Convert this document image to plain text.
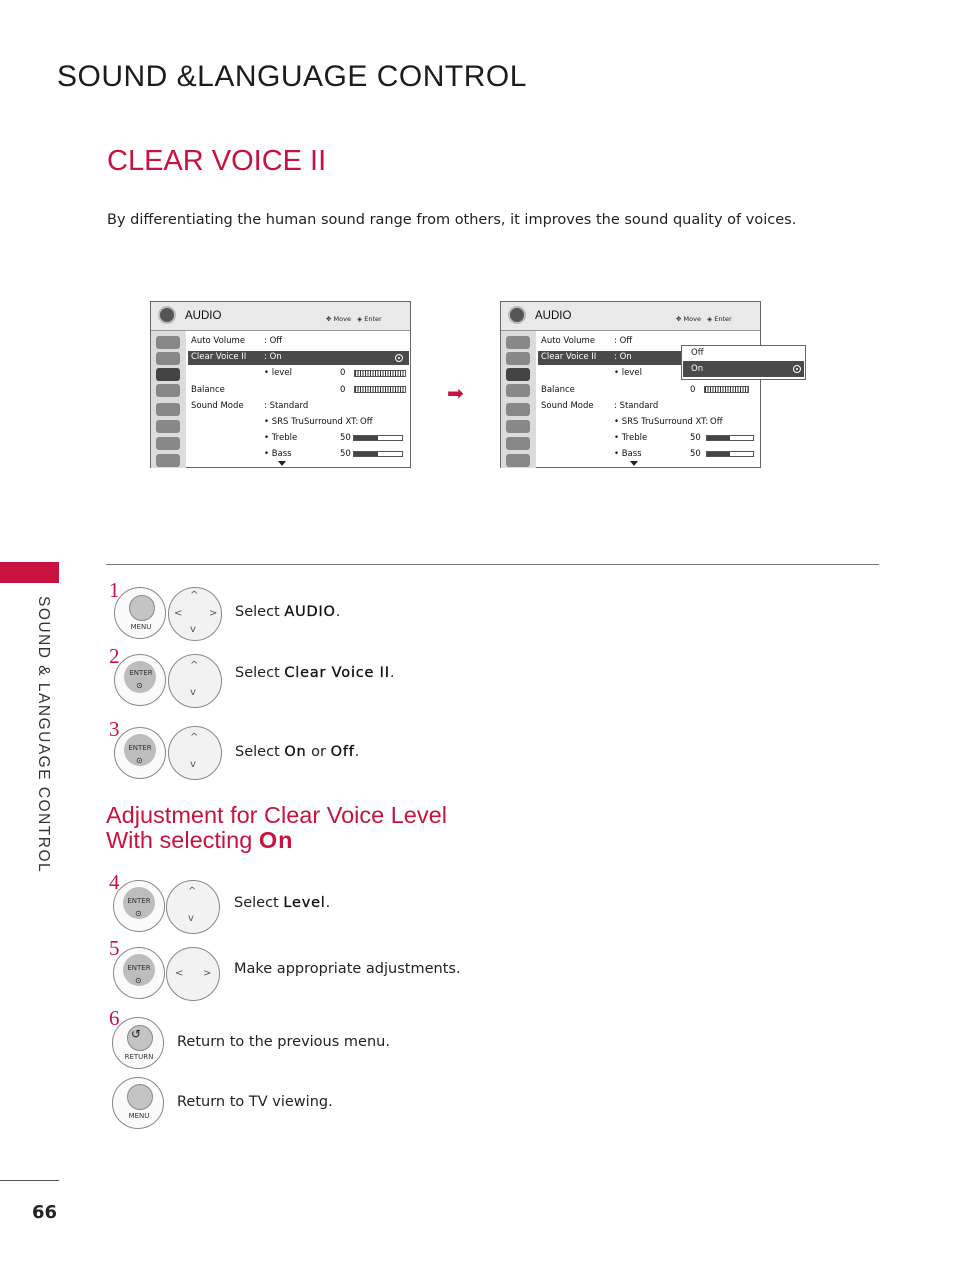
SOUND &LANGUAGE CONTROL
CLEAR VOICE II
By differentiating the human sound range from others, it improves the sound quality of voices.
SOUND & LANGUAGE CONTROL
66
AUDIO	✥ Move ◈ Enter
Auto Volume : Off
Clear Voice II : On
• level	0
Balance	0
Sound Mode : Standard
• SRS TruSurround XT: Off
• Treble	50
• Bass	50
➡
AUDIO	✥ Move ◈ Enter
Auto Volume : Off
Clear Voice II : On
• level
Balance	0
Sound Mode : Standard
• SRS TruSurround XT: Off
• Treble	50
• Bass	50
Off
On
1
MENU
^
<	>
v
Select AUDIO.
2
ENTER
⊙
^
v
Select Clear Voice II.
3
ENTER
⊙
^
v
Select On or Off.
Adjustment for Clear Voice Level
With selecting On
4
ENTER
⊙
^
v
Select Level.
5
ENTER
⊙
< > Make appropriate adjustments.
6
↺
RETURN
Return to the previous menu.
MENU
Return to TV viewing.
